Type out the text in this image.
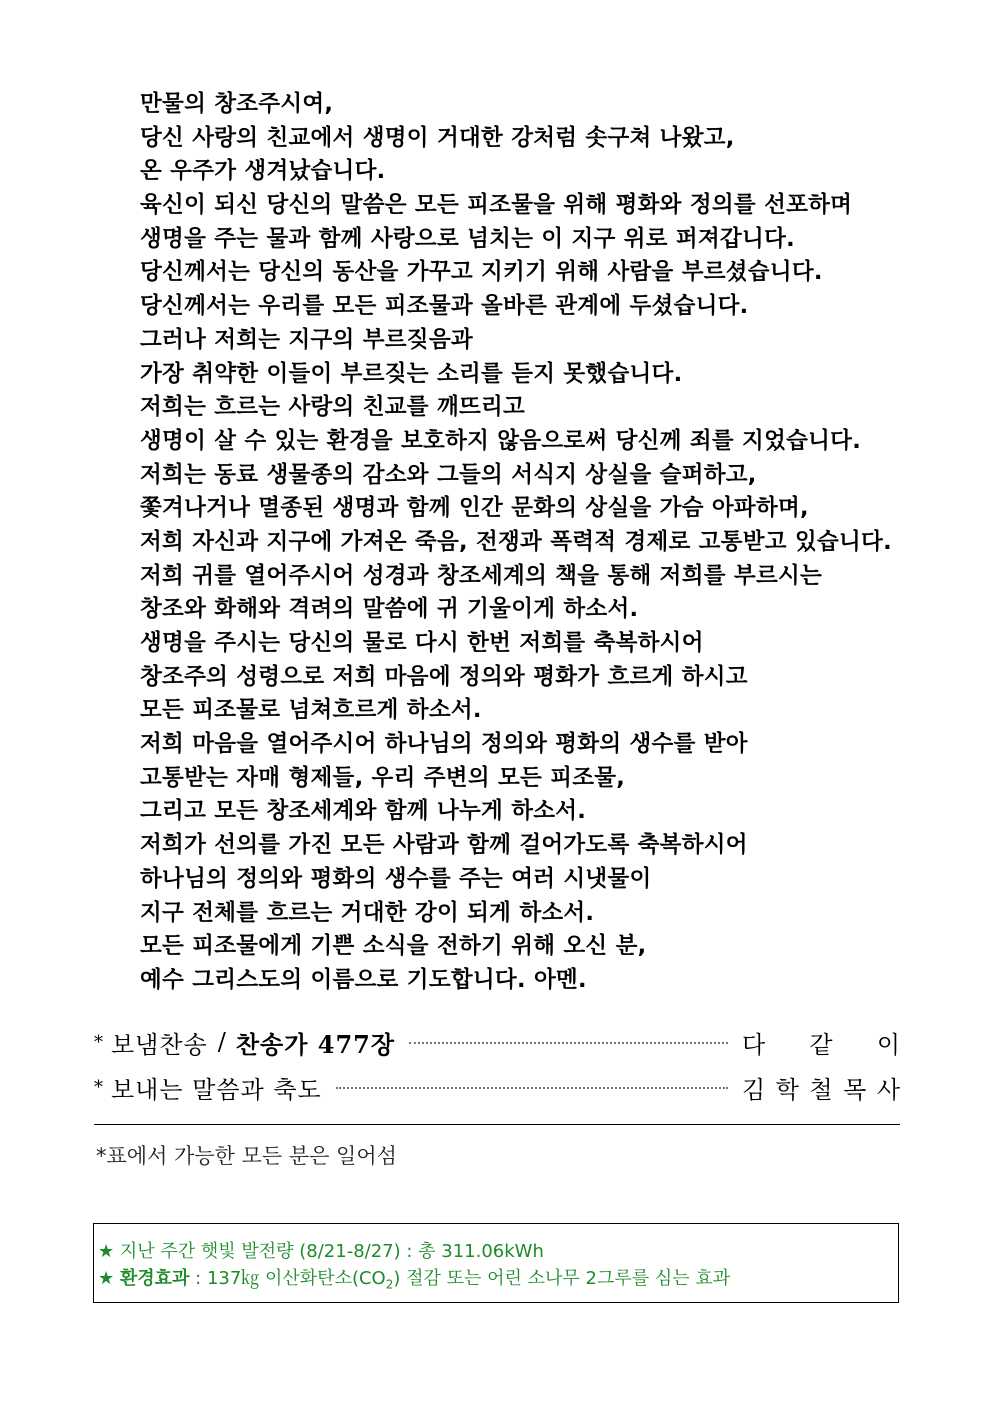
만물의 창조주시여,
당신 사랑의 친교에서 생명이 거대한 강처럼 솟구쳐 나왔고,
온 우주가 생겨났습니다.
육신이 되신 당신의 말씀은 모든 피조물을 위해 평화와 정의를 선포하며
생명을 주는 물과 함께 사랑으로 넘치는 이 지구 위로 퍼져갑니다.
당신께서는 당신의 동산을 가꾸고 지키기 위해 사람을 부르셨습니다.
당신께서는 우리를 모든 피조물과 올바른 관계에 두셨습니다.
그러나 저희는 지구의 부르짖음과
가장 취약한 이들이 부르짖는 소리를 듣지 못했습니다.
저희는 흐르는 사랑의 친교를 깨뜨리고
생명이 살 수 있는 환경을 보호하지 않음으로써 당신께 죄를 지었습니다.
저희는 동료 생물종의 감소와 그들의 서식지 상실을 슬퍼하고,
쫓겨나거나 멸종된 생명과 함께 인간 문화의 상실을 가슴 아파하며,
저희 자신과 지구에 가져온 죽음, 전쟁과 폭력적 경제로 고통받고 있습니다.
저희 귀를 열어주시어 성경과 창조세계의 책을 통해 저희를 부르시는
창조와 화해와 격려의 말씀에 귀 기울이게 하소서.
생명을 주시는 당신의 물로 다시 한번 저희를 축복하시어
창조주의 성령으로 저희 마음에 정의와 평화가 흐르게 하시고
모든 피조물로 넘쳐흐르게 하소서.
저희 마음을 열어주시어 하나님의 정의와 평화의 생수를 받아
고통받는 자매 형제들, 우리 주변의 모든 피조물,
그리고 모든 창조세계와 함께 나누게 하소서.
저희가 선의를 가진 모든 사람과 함께 걸어가도록 축복하시어
하나님의 정의와 평화의 생수를 주는 여러 시냇물이
지구 전체를 흐르는 거대한 강이 되게 하소서.
모든 피조물에게 기쁜 소식을 전하기 위해 오신 분,
예수 그리스도의 이름으로 기도합니다. 아멘.
* 보냄찬송 / 찬송가 477장	다 같 이
* 보내는 말씀과 축도	김 학 철 목 사
*표에서 가능한 모든 분은 일어섬
★ 지난 주간 햇빛 발전량 (8/21-8/27) : 총 311.06kWh
★ 환경효과 : 137㎏ 이산화탄소$(CO_2)$ 절감 또는 어린 소나무 2그루를 심는 효과
